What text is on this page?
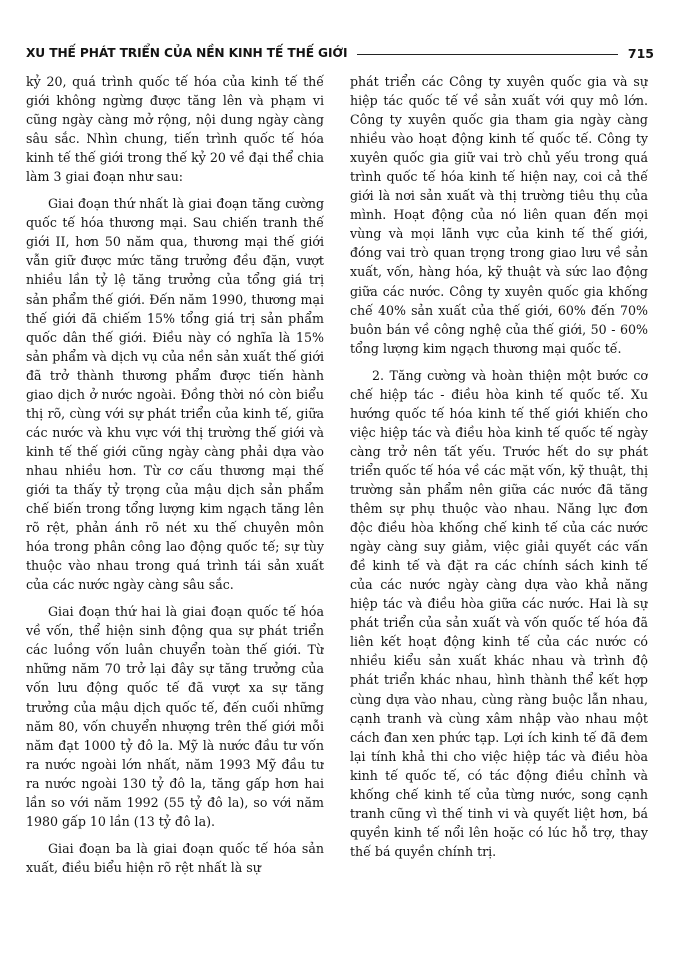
XU THẾ PHÁT TRIỂN CỦA NỀN KINH TẾ THẾ GIỚI	715

kỷ 20, quá trình quốc tế hóa của kinh tế thế giới không ngừng được tăng lên và phạm vi cũng ngày càng mở rộng, nội dung ngày càng sâu sắc. Nhìn chung, tiến trình quốc tế hóa kinh tế thế giới trong thế kỷ 20 về đại thể chia làm 3 giai đoạn như sau:

Giai đoạn thứ nhất là giai đoạn tăng cường quốc tế hóa thương mại. Sau chiến tranh thế giới II, hơn 50 năm qua, thương mại thế giới vẫn giữ được mức tăng trưởng đều đặn, vượt nhiều lần tỷ lệ tăng trưởng của tổng giá trị sản phẩm thế giới. Đến năm 1990, thương mại thế giới đã chiếm 15% tổng giá trị sản phẩm quốc dân thế giới. Điều này có nghĩa là 15% sản phẩm và dịch vụ của nền sản xuất thế giới đã trở thành thương phẩm được tiến hành giao dịch ở nước ngoài. Đồng thời nó còn biểu thị rõ, cùng với sự phát triển của kinh tế, giữa các nước và khu vực với thị trường thế giới và kinh tế thế giới cũng ngày càng phải dựa vào nhau nhiều hơn. Từ cơ cấu thương mại thế giới ta thấy tỷ trọng của mậu dịch sản phẩm chế biến trong tổng lượng kim ngạch tăng lên rõ rệt, phản ánh rõ nét xu thế chuyên môn hóa trong phân công lao động quốc tế; sự tùy thuộc vào nhau trong quá trình tái sản xuất của các nước ngày càng sâu sắc.

Giai đoạn thứ hai là giai đoạn quốc tế hóa về vốn, thể hiện sinh động qua sự phát triển các luồng vốn luân chuyển toàn thế giới. Từ những năm 70 trở lại đây sự tăng trưởng của vốn lưu động quốc tế đã vượt xa sự tăng trưởng của mậu dịch quốc tế, đến cuối những năm 80, vốn chuyển nhượng trên thế giới mỗi năm đạt 1000 tỷ đô la. Mỹ là nước đầu tư vốn ra nước ngoài lớn nhất, năm 1993 Mỹ đầu tư ra nước ngoài 130 tỷ đô la, tăng gấp hơn hai lần so với năm 1992 (55 tỷ đô la), so với năm 1980 gấp 10 lần (13 tỷ đô la).

Giai đoạn ba là giai đoạn quốc tế hóa sản xuất, điều biểu hiện rõ rệt nhất là sự

phát triển các Công ty xuyên quốc gia và sự hiệp tác quốc tế về sản xuất với quy mô lớn. Công ty xuyên quốc gia tham gia ngày càng nhiều vào hoạt động kinh tế quốc tế. Công ty xuyên quốc gia giữ vai trò chủ yếu trong quá trình quốc tế hóa kinh tế hiện nay, coi cả thế giới là nơi sản xuất và thị trường tiêu thụ của mình. Hoạt động của nó liên quan đến mọi vùng và mọi lãnh vực của kinh tế thế giới, đóng vai trò quan trọng trong giao lưu về sản xuất, vốn, hàng hóa, kỹ thuật và sức lao động giữa các nước. Công ty xuyên quốc gia khống chế 40% sản xuất của thế giới, 60% đến 70% buôn bán về công nghệ của thế giới, 50 - 60% tổng lượng kim ngạch thương mại quốc tế.

2. Tăng cường và hoàn thiện một bước cơ chế hiệp tác - điều hòa kinh tế quốc tế. Xu hướng quốc tế hóa kinh tế thế giới khiến cho việc hiệp tác và điều hòa kinh tế quốc tế ngày càng trở nên tất yếu. Trước hết do sự phát triển quốc tế hóa về các mặt vốn, kỹ thuật, thị trường sản phẩm nên giữa các nước đã tăng thêm sự phụ thuộc vào nhau. Năng lực đơn độc điều hòa khống chế kinh tế của các nước ngày càng suy giảm, việc giải quyết các vấn đề kinh tế và đặt ra các chính sách kinh tế của các nước ngày càng dựa vào khả năng hiệp tác và điều hòa giữa các nước. Hai là sự phát triển của sản xuất và vốn quốc tế hóa đã liên kết hoạt động kinh tế của các nước có nhiều kiểu sản xuất khác nhau và trình độ phát triển khác nhau, hình thành thể kết hợp cùng dựa vào nhau, cùng ràng buộc lẫn nhau, cạnh tranh và cùng xâm nhập vào nhau một cách đan xen phức tạp. Lợi ích kinh tế đã đem lại tính khả thi cho việc hiệp tác và điều hòa kinh tế quốc tế, có tác động điều chỉnh và khống chế kinh tế của từng nước, song cạnh tranh cũng vì thế tinh vi và quyết liệt hơn, bá quyền kinh tế nổi lên hoặc có lúc hỗ trợ, thay thế bá quyền chính trị.
